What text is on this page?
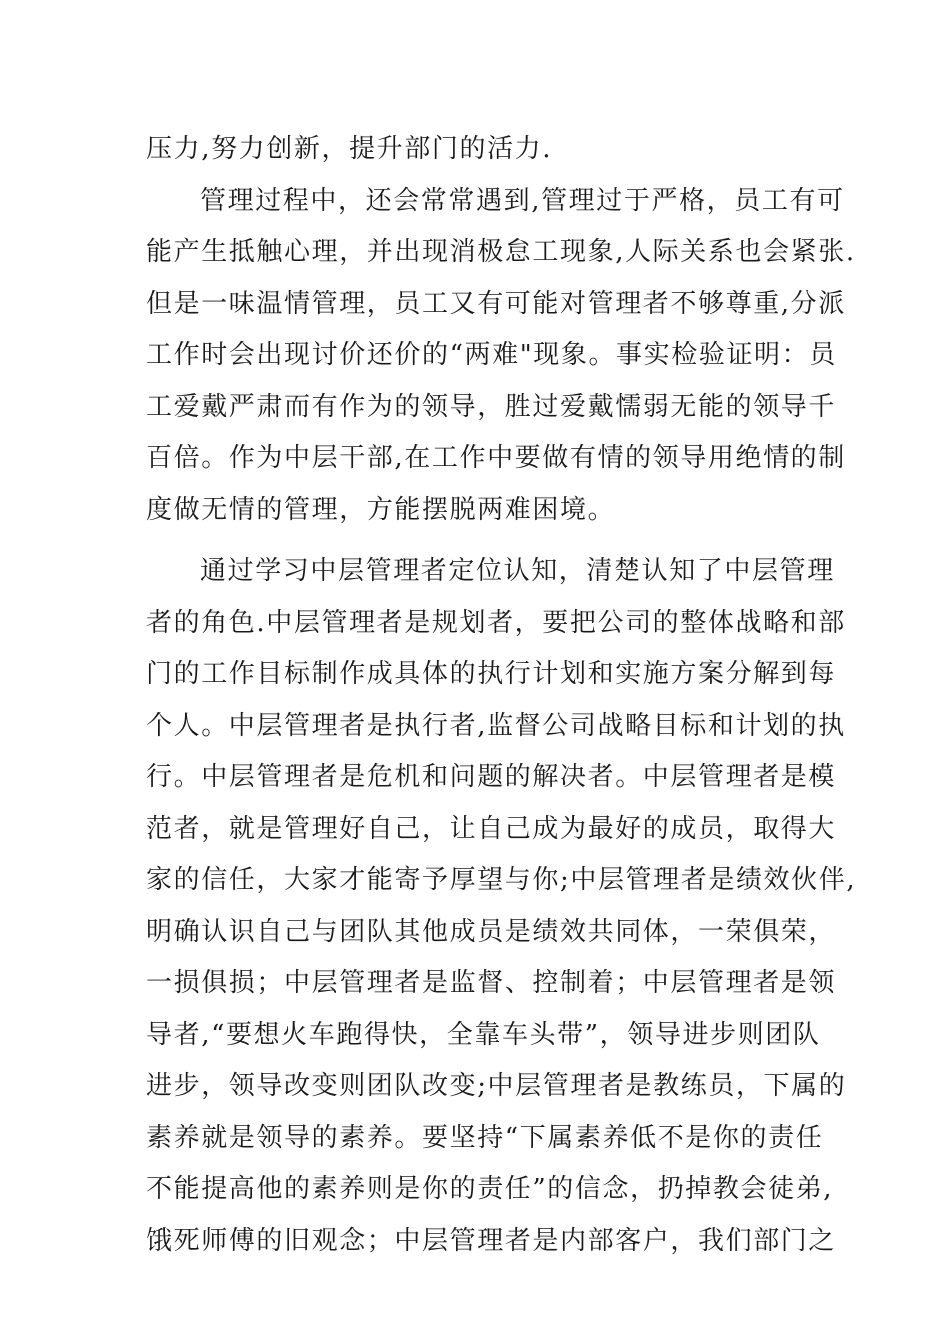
压力,努力创新，提升部门的活力.
管理过程中，还会常常遇到,管理过于严格，员工有可
能产生抵触心理，并出现消极怠工现象,人际关系也会紧张.
但是一味温情管理，员工又有可能对管理者不够尊重,分派
工作时会出现讨价还价的“两难"现象。事实检验证明：员
工爱戴严肃而有作为的领导，胜过爱戴懦弱无能的领导千
百倍。作为中层干部,在工作中要做有情的领导用绝情的制
度做无情的管理，方能摆脱两难困境。
通过学习中层管理者定位认知，清楚认知了中层管理
者的角色.中层管理者是规划者，要把公司的整体战略和部
门的工作目标制作成具体的执行计划和实施方案分解到每
个人。中层管理者是执行者,监督公司战略目标和计划的执
行。中层管理者是危机和问题的解决者。中层管理者是模
范者，就是管理好自己，让自己成为最好的成员，取得大
家的信任，大家才能寄予厚望与你;中层管理者是绩效伙伴,
明确认识自己与团队其他成员是绩效共同体，一荣俱荣，
一损俱损；中层管理者是监督、控制着；中层管理者是领
导者,“要想火车跑得快，全靠车头带”，领导进步则团队
进步，领导改变则团队改变;中层管理者是教练员，下属的
素养就是领导的素养。要坚持“下属素养低不是你的责任
不能提高他的素养则是你的责任”的信念，扔掉教会徒弟,
饿死师傅的旧观念；中层管理者是内部客户，我们部门之
